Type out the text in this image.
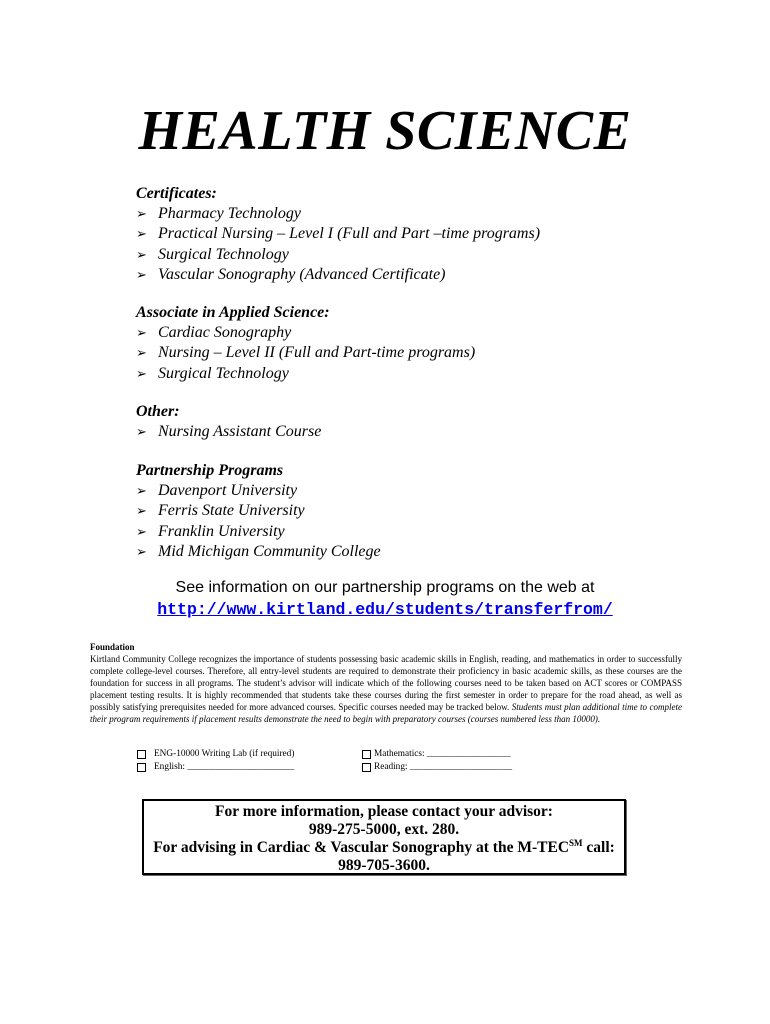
HEALTH SCIENCE
Certificates:
➢ Pharmacy Technology
➢ Practical Nursing – Level I (Full and Part –time programs)
➢ Surgical Technology
➢ Vascular Sonography (Advanced Certificate)
Associate in Applied Science:
➢ Cardiac Sonography
➢ Nursing – Level II (Full and Part-time programs)
➢ Surgical Technology
Other:
➢ Nursing Assistant Course
Partnership Programs
➢ Davenport University
➢ Ferris State University
➢ Franklin University
➢ Mid Michigan Community College
See information on our partnership programs on the web at
http://www.kirtland.edu/students/transferfrom/
Foundation
Kirtland Community College recognizes the importance of students possessing basic academic skills in English, reading, and mathematics in order to successfully complete college-level courses. Therefore, all entry-level students are required to demonstrate their proficiency in basic academic skills, as these courses are the foundation for success in all programs. The student’s advisor will indicate which of the following courses need to be taken based on ACT scores or COMPASS placement testing results. It is highly recommended that students take these courses during the first semester in order to prepare for the road ahead, as well as possibly satisfying prerequisites needed for more advanced courses. Specific courses needed may be tracked below. Students must plan additional time to complete their program requirements if placement results demonstrate the need to begin with preparatory courses (courses numbered less than 10000).
ENG-10000 Writing Lab (if required)
English: _______________________
Mathematics: __________________
Reading: ______________________
For more information, please contact your advisor:
989-275-5000, ext. 280.
For advising in Cardiac & Vascular Sonography at the M-TEC℠ call:
989-705-3600.
